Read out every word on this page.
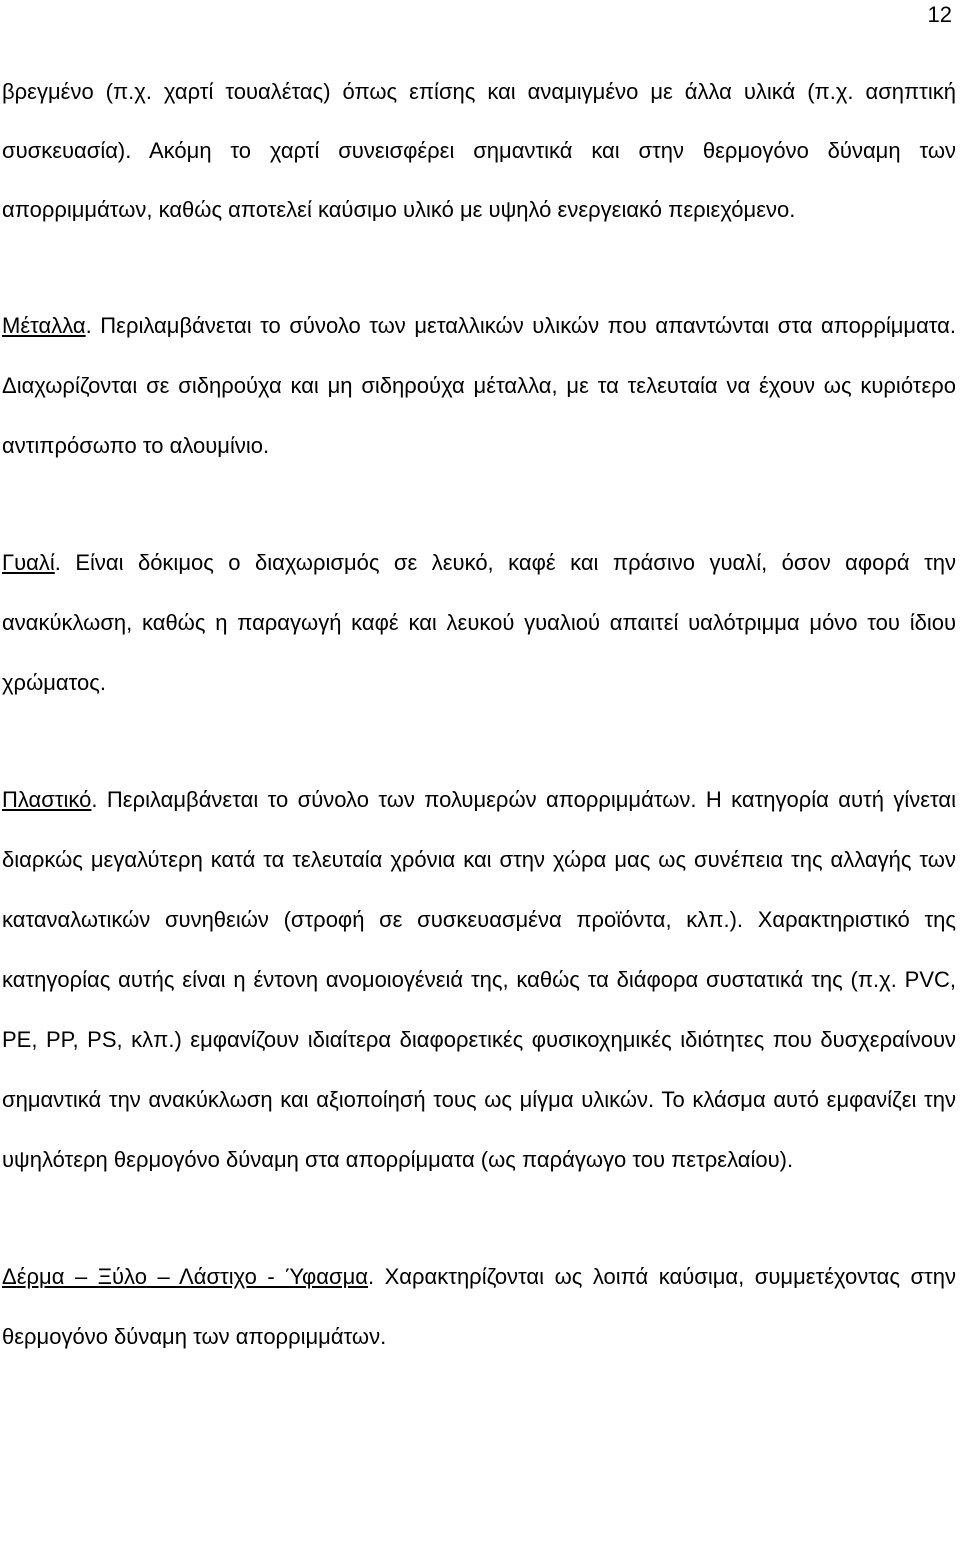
12

βρεγμένο (π.χ. χαρτί τουαλέτας) όπως επίσης και αναμιγμένο με άλλα υλικά (π.χ. ασηπτική συσκευασία). Ακόμη το χαρτί συνεισφέρει σημαντικά και στην θερμογόνο δύναμη των απορριμμάτων, καθώς αποτελεί καύσιμο υλικό με υψηλό ενεργειακό περιεχόμενο.

Μέταλλα. Περιλαμβάνεται το σύνολο των μεταλλικών υλικών που απαντώνται στα απορρίμματα. Διαχωρίζονται σε σιδηρούχα και μη σιδηρούχα μέταλλα, με τα τελευταία να έχουν ως κυριότερο αντιπρόσωπο το αλουμίνιο.

Γυαλί. Είναι δόκιμος ο διαχωρισμός σε λευκό, καφέ και πράσινο γυαλί, όσον αφορά την ανακύκλωση, καθώς η παραγωγή καφέ και λευκού γυαλιού απαιτεί υαλότριμμα μόνο του ίδιου χρώματος.

Πλαστικό. Περιλαμβάνεται το σύνολο των πολυμερών απορριμμάτων. Η κατηγορία αυτή γίνεται διαρκώς μεγαλύτερη κατά τα τελευταία χρόνια και στην χώρα μας ως συνέπεια της αλλαγής των καταναλωτικών συνηθειών (στροφή σε συσκευασμένα προϊόντα, κλπ.). Χαρακτηριστικό της κατηγορίας αυτής είναι η έντονη ανομοιογένειά της, καθώς τα διάφορα συστατικά της (π.χ. PVC, PE, PP, PS, κλπ.) εμφανίζουν ιδιαίτερα διαφορετικές φυσικοχημικές ιδιότητες που δυσχεραίνουν σημαντικά την ανακύκλωση και αξιοποίησή τους ως μίγμα υλικών. Το κλάσμα αυτό εμφανίζει την υψηλότερη θερμογόνο δύναμη στα απορρίμματα (ως παράγωγο του πετρελαίου).

Δέρμα – Ξύλο – Λάστιχο - Ύφασμα. Χαρακτηρίζονται ως λοιπά καύσιμα, συμμετέχοντας στην θερμογόνο δύναμη των απορριμμάτων.
